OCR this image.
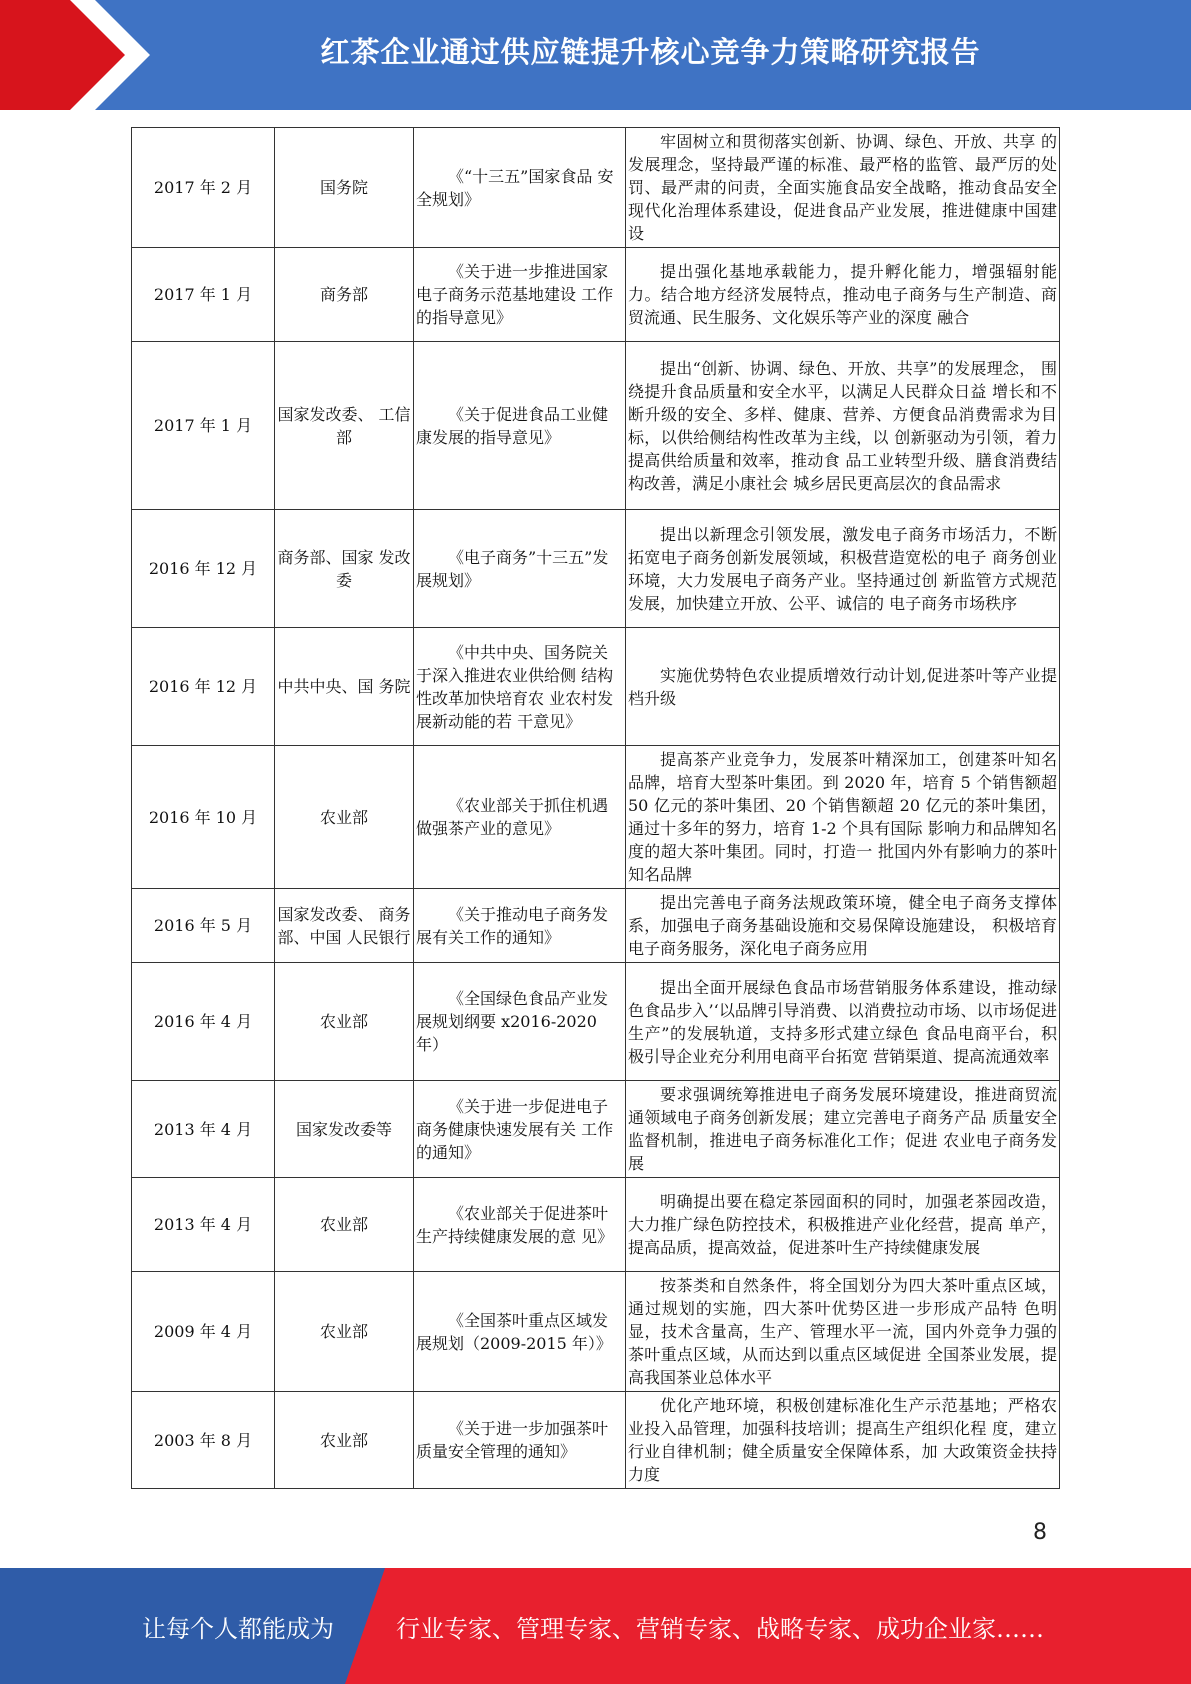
红茶企业通过供应链提升核心竞争力策略研究报告
2017 年 2 月	国务院	《“十三五”国家食品 安全规划》	牢固树立和贯彻落实创新、协调、绿色、开放、共享 的发展理念，坚持最严谨的标准、最严格的监管、最严厉的处罚、最严肃的问责，全面实施食品安全战略，推动食品安全现代化治理体系建设，促进食品产业发展，推进健康中国建设
2017 年 1 月	商务部	《关于进一步推进国家 电子商务示范基地建设 工作的指导意见》	提出强化基地承载能力，提升孵化能力，增强辐射能 力。结合地方经济发展特点，推动电子商务与生产制造、商贸流通、民生服务、文化娱乐等产业的深度 融合
2017 年 1 月	国家发改委、 工信部	《关于促进食品工业健 康发展的指导意见》	提出“创新、协调、绿色、开放、共享”的发展理念， 围绕提升食品质量和安全水平，以满足人民群众日益 增长和不断升级的安全、多样、健康、营养、方便食品消费需求为目标，以供给侧结构性改革为主线，以 创新驱动为引领，着力提高供给质量和效率，推动食 品工业转型升级、膳食消费结构改善，满足小康社会 城乡居民更高层次的食品需求
2016 年 12 月	商务部、国家 发改委	《电子商务”十三五”发展规划》	提出以新理念引领发展，激发电子商务市场活力，不断拓宽电子商务创新发展领域，积极营造宽松的电子 商务创业环境，大力发展电子商务产业。坚持通过创 新监管方式规范发展，加快建立开放、公平、诚信的 电子商务市场秩序
2016 年 12 月	中共中央、国 务院	《中共中央、国务院关 于深入推进农业供给侧 结构性改革加快培育农 业农村发展新动能的若 干意见》	实施优势特色农业提质增效行动计划,促进茶叶等产业提档升级
2016 年 10 月	农业部	《农业部关于抓住机遇 做强茶产业的意见》	提高茶产业竞争力，发展茶叶精深加工，创建茶叶知名品牌，培育大型茶叶集团。到 2020 年，培育 5 个销售额超 50 亿元的茶叶集团、20 个销售额超 20 亿元的茶叶集团，通过十多年的努力，培育 1-2 个具有国际 影响力和品牌知名度的超大茶叶集团。同时，打造一 批国内外有影响力的茶叶知名品牌
2016 年 5 月	国家发改委、 商务部、中国 人民银行	《关于推动电子商务发 展有关工作的通知》	提出完善电子商务法规政策环境，健全电子商务支撑体系，加强电子商务基础设施和交易保障设施建设， 积极培育电子商务服务，深化电子商务应用
2016 年 4 月	农业部	《全国绿色食品产业发 展规划纲要 x2016-2020 年）	提出全面开展绿色食品市场营销服务体系建设，推动绿色食品步入’‘以品牌引导消费、以消费拉动市场、以市场促进生产”的发展轨道，支持多形式建立绿色 食品电商平台，积极引导企业充分利用电商平台拓宽 营销渠道、提高流通效率
2013 年 4 月	国家发改委等	《关于进一步促进电子 商务健康快速发展有关 工作的通知》	要求强调统筹推进电子商务发展环境建设，推进商贸流通领域电子商务创新发展；建立完善电子商务产品 质量安全监督机制，推进电子商务标准化工作；促进 农业电子商务发展
2013 年 4 月	农业部	《农业部关于促进茶叶 生产持续健康发展的意 见》	明确提出要在稳定茶园面积的同时，加强老茶园改造， 大力推广绿色防控技术，积极推进产业化经营，提高 单产，提高品质，提高效益，促进茶叶生产持续健康发展
2009 年 4 月	农业部	《全国茶叶重点区域发 展规划（2009-2015 年）》	按茶类和自然条件，将全国划分为四大茶叶重点区域， 通过规划的实施，四大茶叶优势区进一步形成产品特 色明显，技术含量高，生产、管理水平一流，国内外竞争力强的茶叶重点区域，从而达到以重点区域促进 全国茶业发展，提高我国茶业总体水平
2003 年 8 月	农业部	《关于进一步加强茶叶 质量安全管理的通知》	优化产地环境，积极创建标准化生产示范基地；严格农业投入品管理，加强科技培训；提高生产组织化程 度，建立行业自律机制；健全质量安全保障体系，加 大政策资金扶持力度
8
让每个人都能成为	行业专家、管理专家、营销专家、战略专家、成功企业家……
